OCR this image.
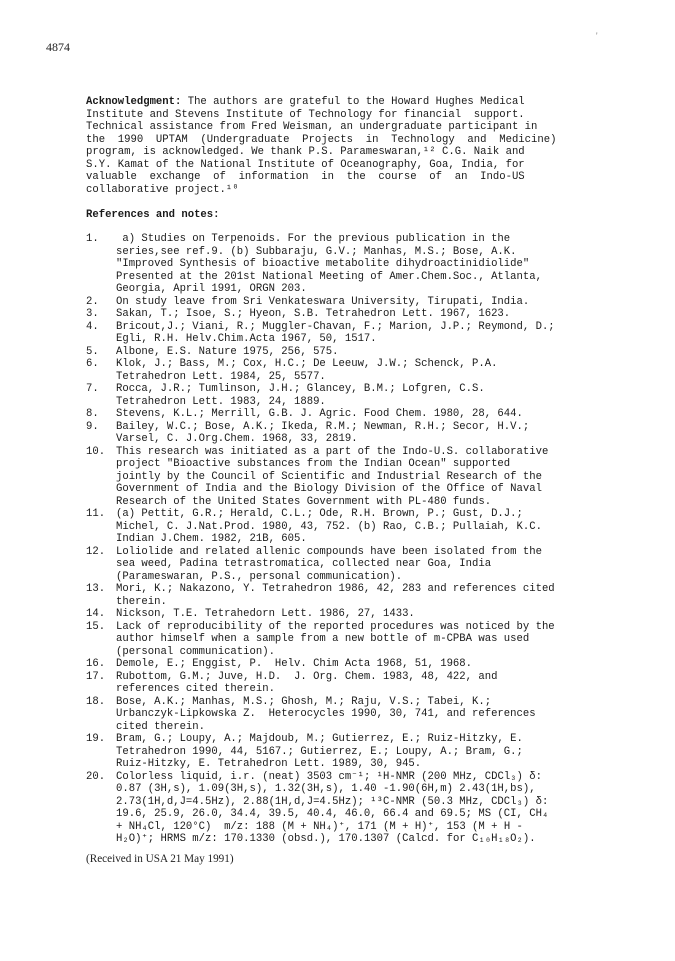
4874
'
Acknowledgment: The authors are grateful to the Howard Hughes Medical
Institute and Stevens Institute of Technology for financial  support.
Technical assistance from Fred Weisman, an undergraduate participant in
the  1990  UPTAM  (Undergraduate  Projects  in  Technology  and  Medicine)
program, is acknowledged. We thank P.S. Parameswaran,¹² C.G. Naik and
S.Y. Kamat of the National Institute of Oceanography, Goa, India, for
valuable  exchange  of  information  in  the  course  of  an  Indo-US
collaborative project.¹⁰
References and notes:
1.	a) Studies on Terpenoids. For the previous publication in the
series,see ref.9. (b) Subbaraju, G.V.; Manhas, M.S.; Bose, A.K.
"Improved Synthesis of bioactive metabolite dihydroactinidiolide"
Presented at the 201st National Meeting of Amer.Chem.Soc., Atlanta,
Georgia, April 1991, ORGN 203.
2.	On study leave from Sri Venkateswara University, Tirupati, India.
3.	Sakan, T.; Isoe, S.; Hyeon, S.B. Tetrahedron Lett. 1967, 1623.
4.	Bricout,J.; Viani, R.; Muggler-Chavan, F.; Marion, J.P.; Reymond, D.;
Egli, R.H. Helv.Chim.Acta 1967, 50, 1517.
5.	Albone, E.S. Nature 1975, 256, 575.
6.	Klok, J.; Bass, M.; Cox, H.C.; De Leeuw, J.W.; Schenck, P.A.
Tetrahedron Lett. 1984, 25, 5577.
7.	Rocca, J.R.; Tumlinson, J.H.; Glancey, B.M.; Lofgren, C.S.
Tetrahedron Lett. 1983, 24, 1889.
8.	Stevens, K.L.; Merrill, G.B. J. Agric. Food Chem. 1980, 28, 644.
9.	Bailey, W.C.; Bose, A.K.; Ikeda, R.M.; Newman, R.H.; Secor, H.V.;
Varsel, C. J.Org.Chem. 1968, 33, 2819.
10.	This research was initiated as a part of the Indo-U.S. collaborative
project "Bioactive substances from the Indian Ocean" supported
jointly by the Council of Scientific and Industrial Research of the
Government of India and the Biology Division of the Office of Naval
Research of the United States Government with PL-480 funds.
11.	(a) Pettit, G.R.; Herald, C.L.; Ode, R.H. Brown, P.; Gust, D.J.;
Michel, C. J.Nat.Prod. 1980, 43, 752. (b) Rao, C.B.; Pullaiah, K.C.
Indian J.Chem. 1982, 21B, 605.
12.	Loliolide and related allenic compounds have been isolated from the
sea weed, Padina tetrastromatica, collected near Goa, India
(Parameswaran, P.S., personal communication).
13.	Mori, K.; Nakazono, Y. Tetrahedron 1986, 42, 283 and references cited
therein.
14.	Nickson, T.E. Tetrahedorn Lett. 1986, 27, 1433.
15.	Lack of reproducibility of the reported procedures was noticed by the
author himself when a sample from a new bottle of m-CPBA was used
(personal communication).
16.	Demole, E.; Enggist, P.  Helv. Chim Acta 1968, 51, 1968.
17.	Rubottom, G.M.; Juve, H.D.  J. Org. Chem. 1983, 48, 422, and
references cited therein.
18.	Bose, A.K.; Manhas, M.S.; Ghosh, M.; Raju, V.S.; Tabei, K.;
Urbanczyk-Lipkowska Z.  Heterocycles 1990, 30, 741, and references
cited therein.
19.	Bram, G.; Loupy, A.; Majdoub, M.; Gutierrez, E.; Ruiz-Hitzky, E.
Tetrahedron 1990, 44, 5167.; Gutierrez, E.; Loupy, A.; Bram, G.;
Ruiz-Hitzky, E. Tetrahedron Lett. 1989, 30, 945.
20.	Colorless liquid, i.r. (neat) 3503 cm⁻¹; ¹H-NMR (200 MHz, CDCl₃) δ:
0.87 (3H,s), 1.09(3H,s), 1.32(3H,s), 1.40 -1.90(6H,m) 2.43(1H,bs),
2.73(1H,d,J=4.5Hz), 2.88(1H,d,J=4.5Hz); ¹³C-NMR (50.3 MHz, CDCl₃) δ:
19.6, 25.9, 26.0, 34.4, 39.5, 40.4, 46.0, 66.4 and 69.5; MS (CI, CH₄
+ NH₄Cl, 120°C)  m/z: 188 (M + NH₄)⁺, 171 (M + H)⁺, 153 (M + H -
H₂O)⁺; HRMS m/z: 170.1330 (obsd.), 170.1307 (Calcd. for C₁₀H₁₈O₂).
(Received in USA 21 May 1991)
